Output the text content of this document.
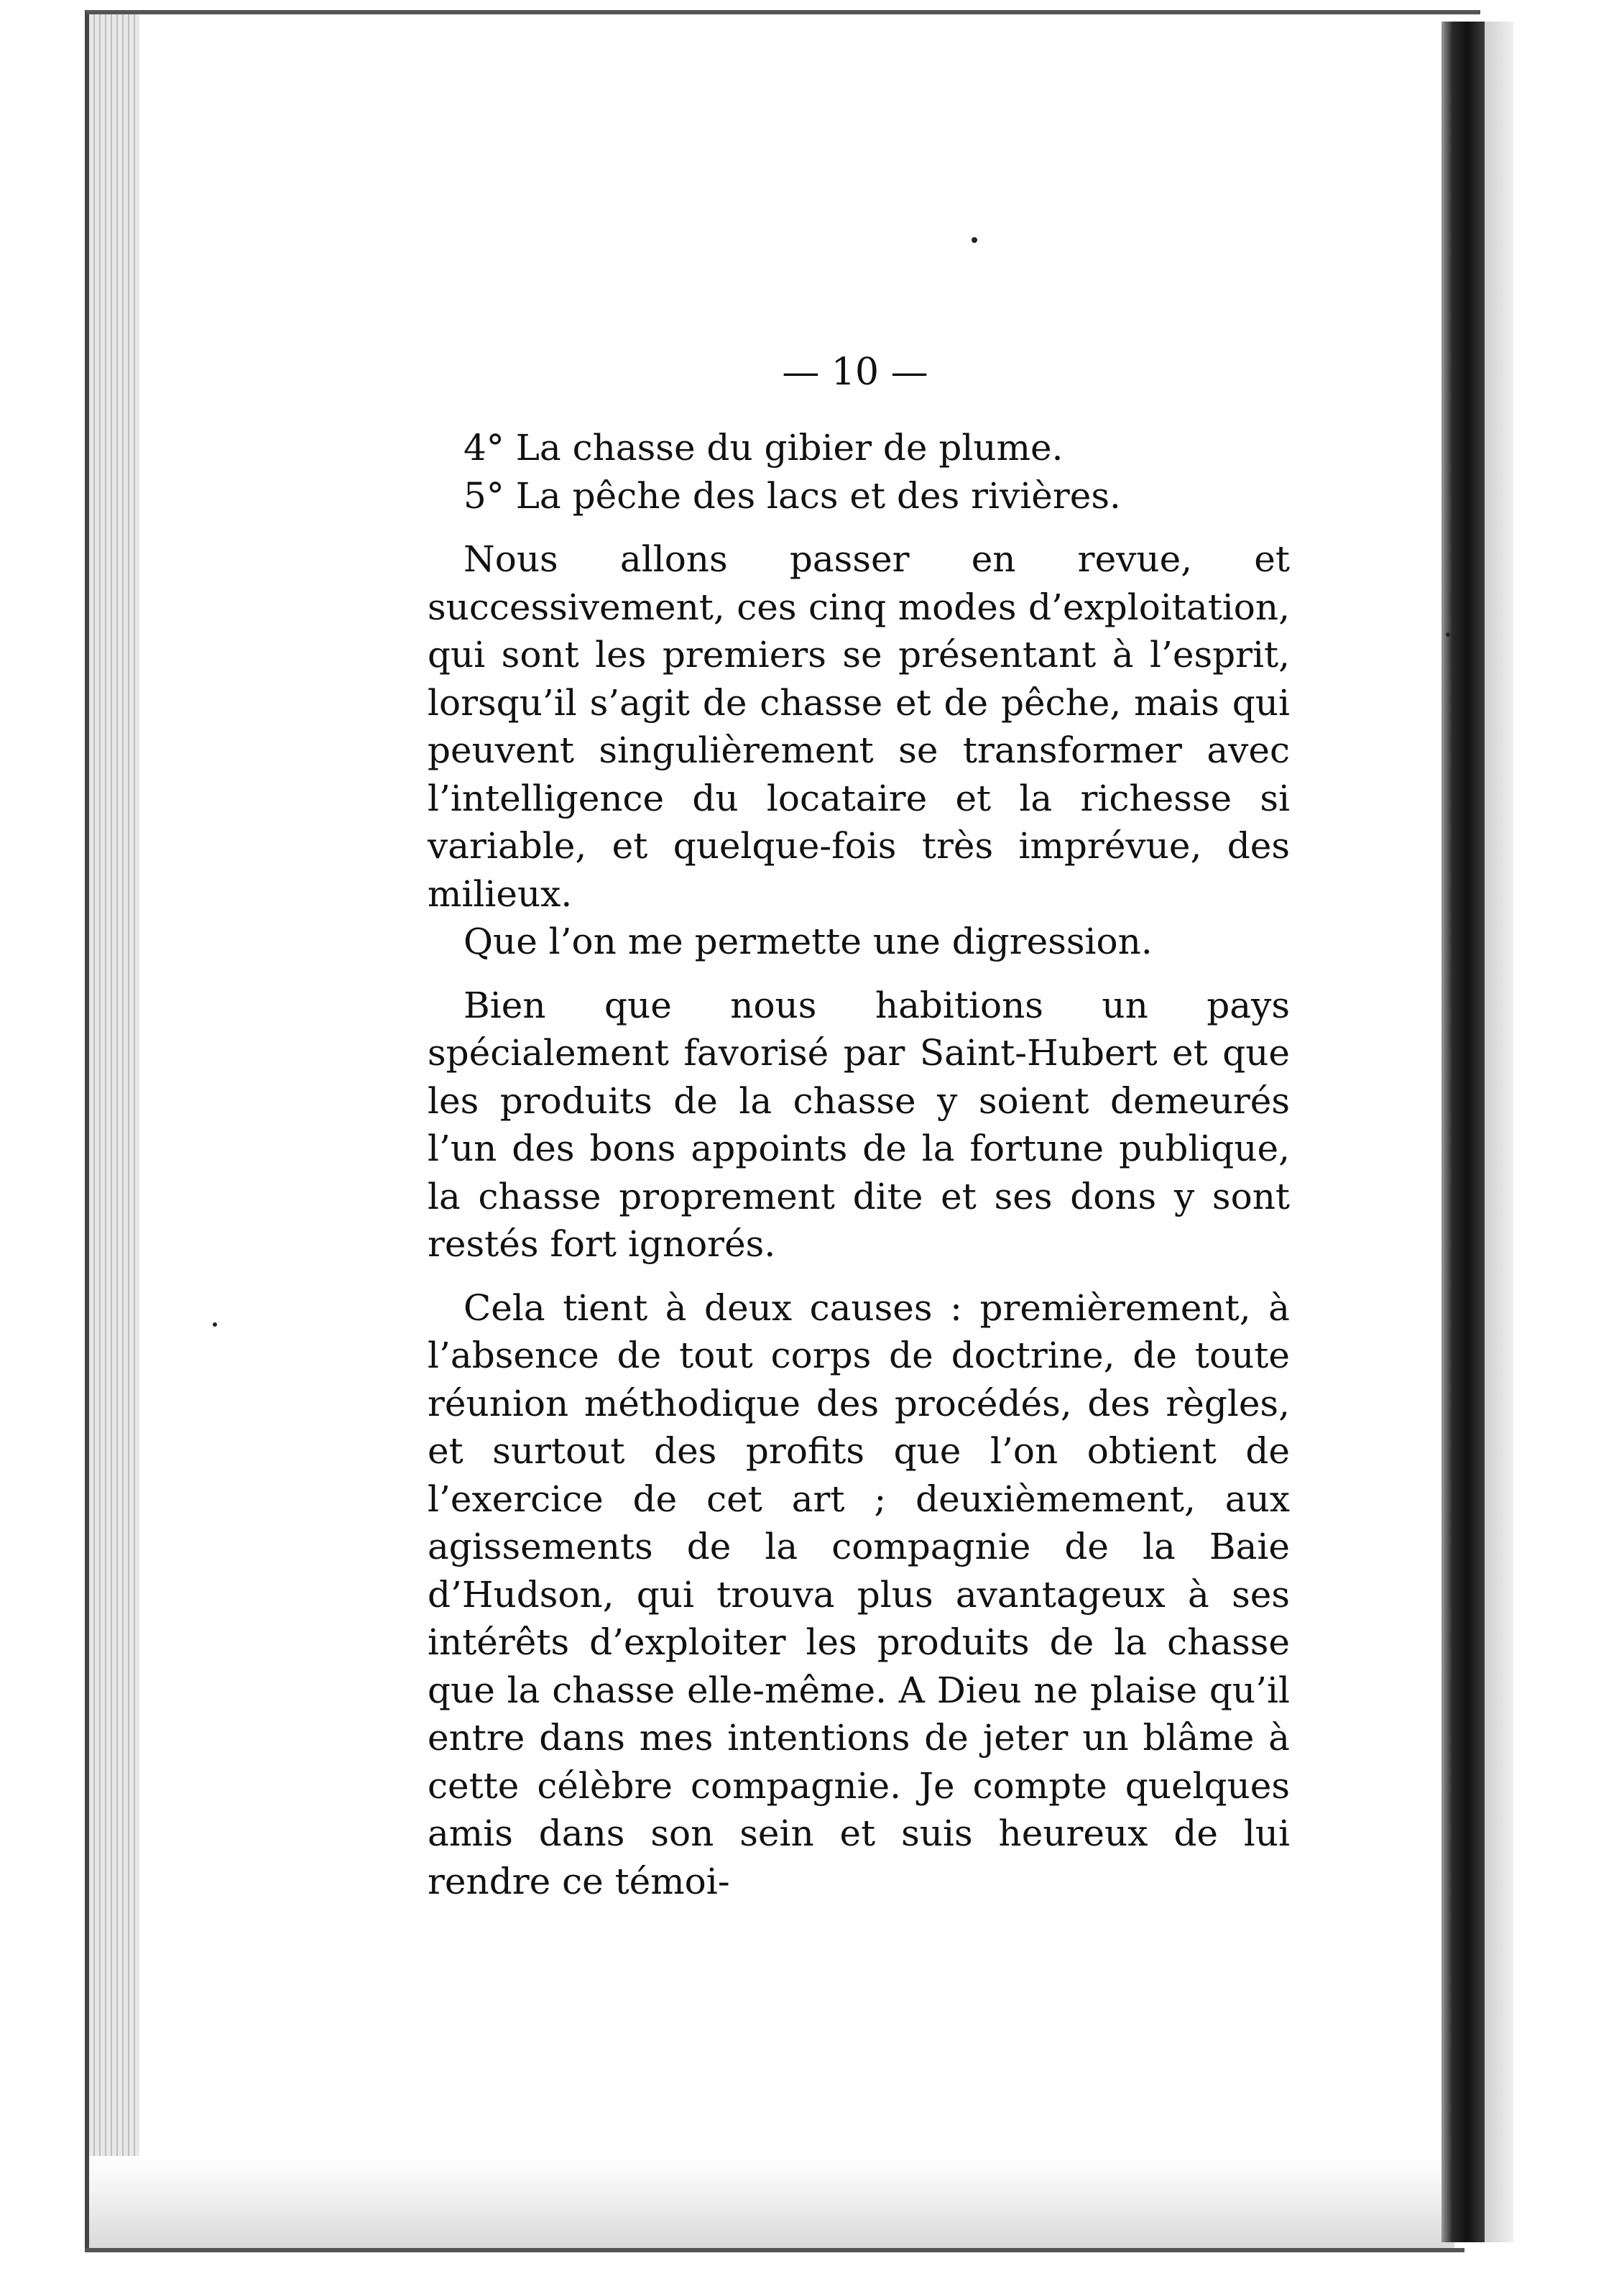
— 10 —

4° La chasse du gibier de plume.

5° La pêche des lacs et des rivières.

Nous allons passer en revue, et successivement, ces cinq modes d’exploitation, qui sont les premiers se présentant à l’esprit, lorsqu’il s’agit de chasse et de pêche, mais qui peuvent singulièrement se transformer avec l’intelligence du locataire et la richesse si variable, et quelque-fois très imprévue, des milieux.

Que l’on me permette une digression.

Bien que nous habitions un pays spécialement favorisé par Saint-Hubert et que les produits de la chasse y soient demeurés l’un des bons appoints de la fortune publique, la chasse proprement dite et ses dons y sont restés fort ignorés.

Cela tient à deux causes : premièrement, à l’absence de tout corps de doctrine, de toute réunion méthodique des procédés, des règles, et surtout des profits que l’on obtient de l’exercice de cet art ; deuxièmement, aux agissements de la compagnie de la Baie d’Hudson, qui trouva plus avantageux à ses intérêts d’exploiter les produits de la chasse que la chasse elle-même. A Dieu ne plaise qu’il entre dans mes intentions de jeter un blâme à cette célèbre compagnie. Je compte quelques amis dans son sein et suis heureux de lui rendre ce témoi-
